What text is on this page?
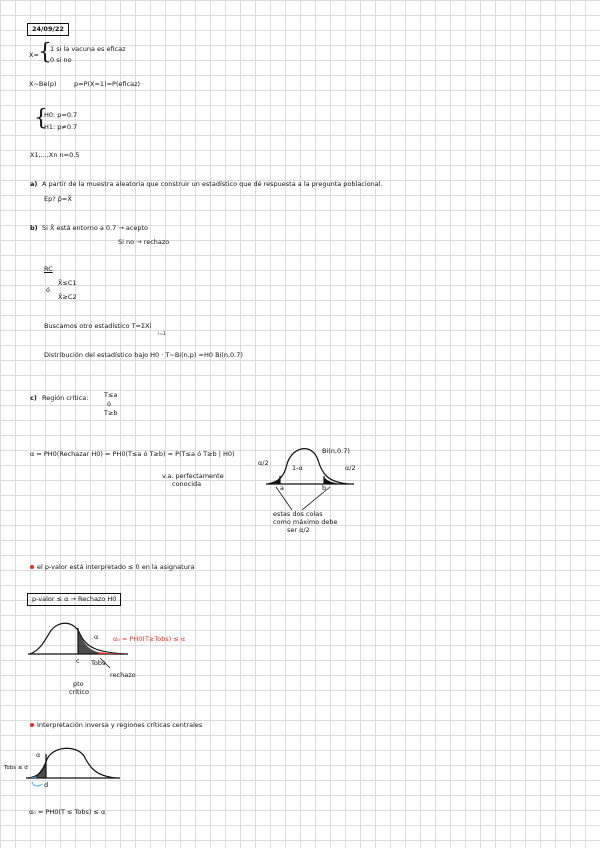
24/09/22
X= {
1 si la vacuna es eficaz
0 si no
X~Be(p)	p=P(X=1)=P(eficaz)
{
H0: p=0.7
H1: p≠0.7
X1,...,Xn n=0.5
a) A partir de la muestra aleatoria que construir un estadístico que dé respuesta a la pregunta poblacional.
Ep? p̂=X̄
b) Si X̄ está entorno a 0.7 → acepto
Si no → rechazo
RC
X̄≤C1
ó
X̄≥C2
Buscamos otro estadístico T=ΣXi
i=1
Distribución del estadístico bajo H0 · T~Bi(n,p) =H0 Bi(n,0.7)
c) Región crítica: T≤a
ó
T≥b
α = PH0(Rechazar H0) = PH0(T≤a ó T≥b) = P(T≤a ó T≥b | H0)
v.a. perfectamente
conocida
Bi(n,0.7)
1-α
α/2
α/2
a	b
estas dos colas
como máximo debe
ser α/2
el p-valor está interpretado ≤ 0 en la asignatura
p-valor ≤ α → Rechazo H0
α α₀ = PH0(T≥Tobs) ≤ α
c Tobs
pto
crítico
rechazo
Interpretación inversa y regiones críticas centrales
Tobs ≤ d
α
d
α₀ = PH0(T ≤ Tobs) ≤ α
